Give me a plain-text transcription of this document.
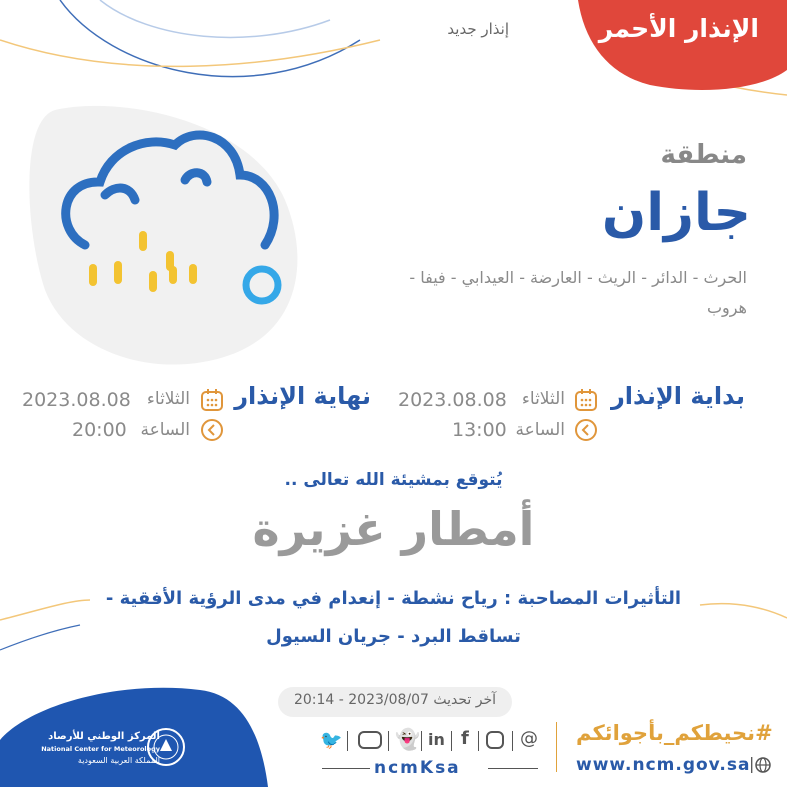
الإنذار الأحمر
إنذار جديد
منطقة
جازان
الحرث - الدائر - الريث - العارضة - العيدابي - فيفا -
هروب
بداية الإنذار
الثلاثاء
2023.08.08
الساعة
13:00
نهاية الإنذار
الثلاثاء
2023.08.08
الساعة
20:00
يُتوقع بمشيئة الله تعالى ..
أمطار غزيرة
التأثيرات المصاحبة : رياح نشطة - إنعدام في مدى الرؤية الأفقية -
تساقط البرد - جريان السيول
آخر تحديث 2023/08/07 - 20:14
المركز الوطني للأرصاد
National Center for Meteorology
المملكة العربية السعودية
🐦	👻 in f	@
ncmKsa
#نحيطكم_بأجوائكم
www.ncm.gov.sa
|
